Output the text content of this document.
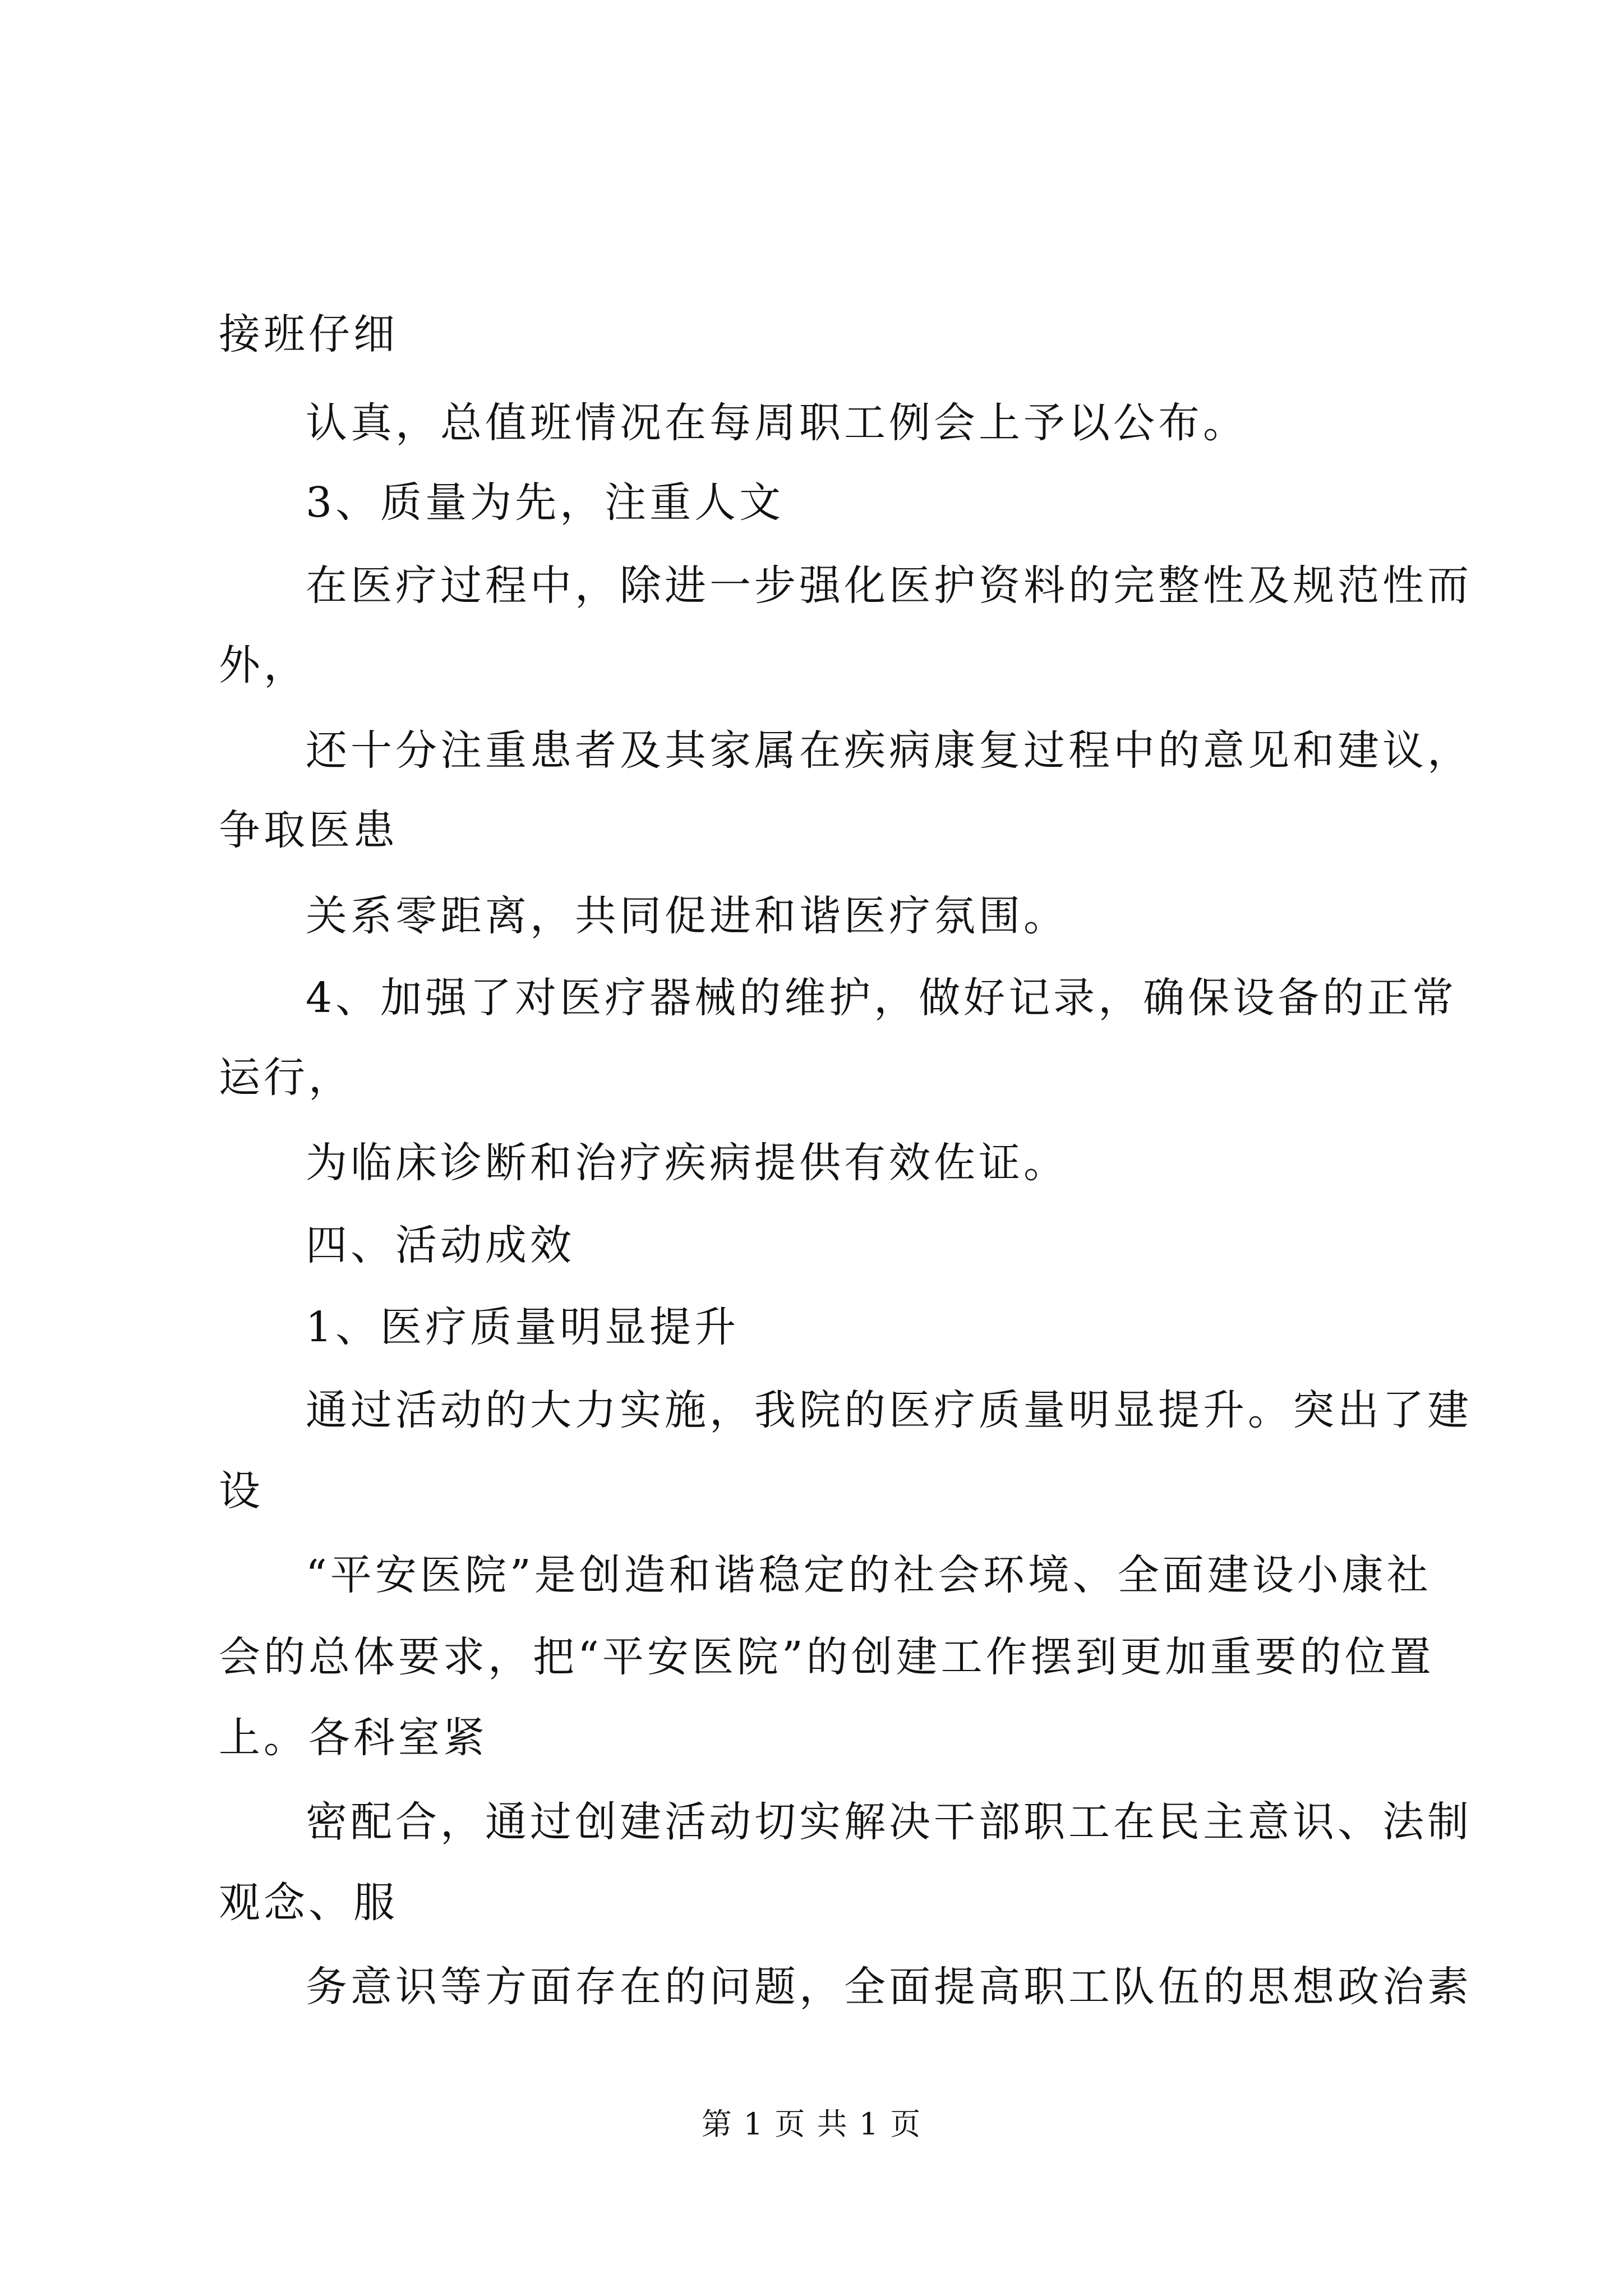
接班仔细
认真，总值班情况在每周职工例会上予以公布。
3、质量为先，注重人文
在医疗过程中，除进一步强化医护资料的完整性及规范性而
外，
还十分注重患者及其家属在疾病康复过程中的意见和建议，
争取医患
关系零距离，共同促进和谐医疗氛围。
4、加强了对医疗器械的维护，做好记录，确保设备的正常
运行，
为临床诊断和治疗疾病提供有效佐证。
四、活动成效
1、医疗质量明显提升
通过活动的大力实施，我院的医疗质量明显提升。突出了建
设
“平安医院”是创造和谐稳定的社会环境、全面建设小康社
会的总体要求，把“平安医院”的创建工作摆到更加重要的位置
上。各科室紧
密配合，通过创建活动切实解决干部职工在民主意识、法制
观念、服
务意识等方面存在的问题，全面提高职工队伍的思想政治素
第 1 页 共 1 页
